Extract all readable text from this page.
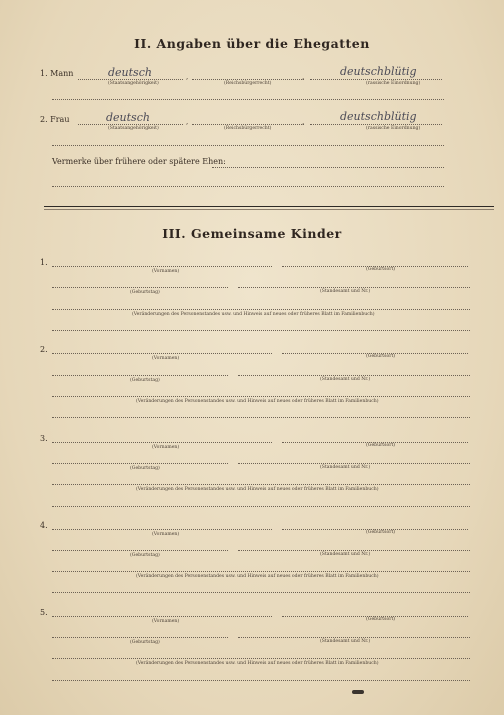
II. Angaben über die Ehegatten
1. Mann	deutsch	,	,	deutschblütig
(Staatsangehörigkeit)	(Reichsbürgerrecht)	(rassische Einordnung)
2. Frau	deutsch	,	,	deutschblütig
(Staatsangehörigkeit)	(Reichsbürgerrecht)	(rassische Einordnung)
Vermerke über frühere oder spätere Ehen:
III. Gemeinsame Kinder
1.
(Vornamen)	(Geburtsort)
(Geburtstag)	(Standesamt und Nr.)
(Veränderungen des Personenstandes usw. und Hinweis auf neues oder früheres Blatt im Familienbuch)
2.
(Vornamen)	(Geburtsort)
(Geburtstag)	(Standesamt und Nr.)
(Veränderungen des Personenstandes usw. und Hinweis auf neues oder früheres Blatt im Familienbuch)
3.
(Vornamen)	(Geburtsort)
(Geburtstag)	(Standesamt und Nr.)
(Veränderungen des Personenstandes usw. und Hinweis auf neues oder früheres Blatt im Familienbuch)
4.
(Vornamen)	(Geburtsort)
(Geburtstag)	(Standesamt und Nr.)
(Veränderungen des Personenstandes usw. und Hinweis auf neues oder früheres Blatt im Familienbuch)
5.
(Vornamen)	(Geburtsort)
(Geburtstag)	(Standesamt und Nr.)
(Veränderungen des Personenstandes usw. und Hinweis auf neues oder früheres Blatt im Familienbuch)
